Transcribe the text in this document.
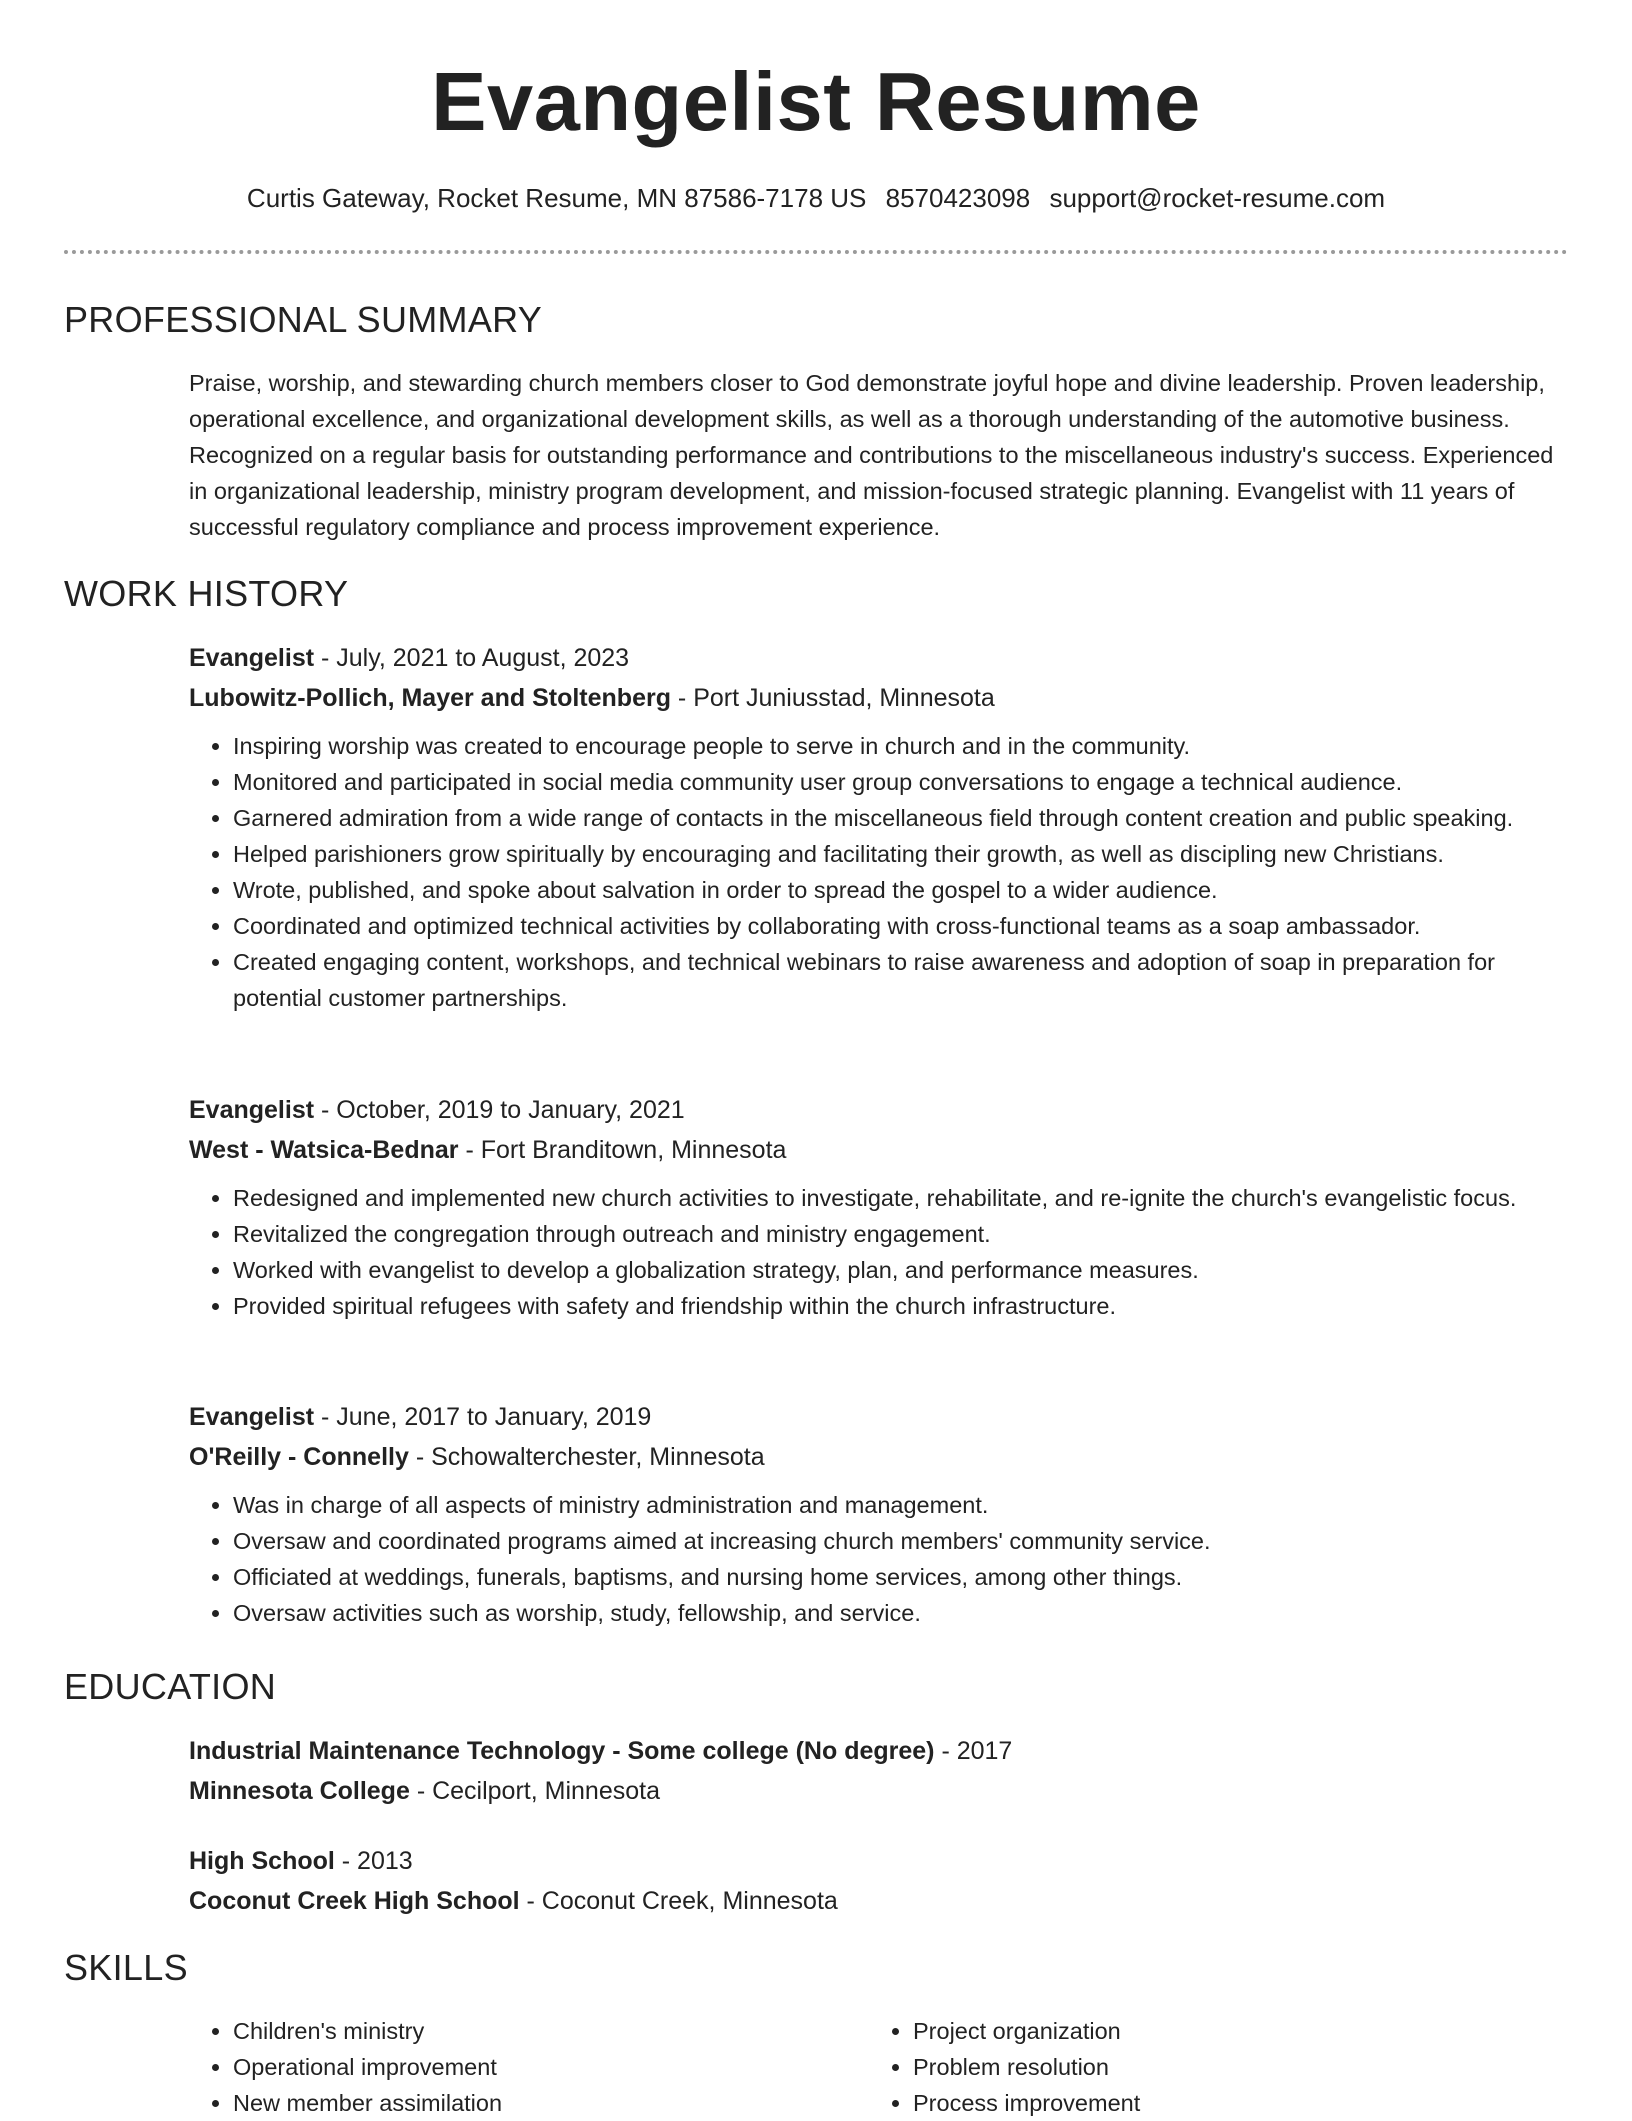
Evangelist Resume
Curtis Gateway, Rocket Resume, MN 87586-7178 US 8570423098 support@rocket-resume.com
PROFESSIONAL SUMMARY
Praise, worship, and stewarding church members closer to God demonstrate joyful hope and divine leadership. Proven leadership, operational excellence, and organizational development skills, as well as a thorough understanding of the automotive business. Recognized on a regular basis for outstanding performance and contributions to the miscellaneous industry's success. Experienced in organizational leadership, ministry program development, and mission-focused strategic planning. Evangelist with 11 years of successful regulatory compliance and process improvement experience.
WORK HISTORY
Evangelist - July, 2021 to August, 2023
Lubowitz-Pollich, Mayer and Stoltenberg - Port Juniusstad, Minnesota
• Inspiring worship was created to encourage people to serve in church and in the community.
• Monitored and participated in social media community user group conversations to engage a technical audience.
• Garnered admiration from a wide range of contacts in the miscellaneous field through content creation and public speaking.
• Helped parishioners grow spiritually by encouraging and facilitating their growth, as well as discipling new Christians.
• Wrote, published, and spoke about salvation in order to spread the gospel to a wider audience.
• Coordinated and optimized technical activities by collaborating with cross-functional teams as a soap ambassador.
• Created engaging content, workshops, and technical webinars to raise awareness and adoption of soap in preparation for potential customer partnerships.
Evangelist - October, 2019 to January, 2021
West - Watsica-Bednar - Fort Branditown, Minnesota
• Redesigned and implemented new church activities to investigate, rehabilitate, and re-ignite the church's evangelistic focus.
• Revitalized the congregation through outreach and ministry engagement.
• Worked with evangelist to develop a globalization strategy, plan, and performance measures.
• Provided spiritual refugees with safety and friendship within the church infrastructure.
Evangelist - June, 2017 to January, 2019
O'Reilly - Connelly - Schowalterchester, Minnesota
• Was in charge of all aspects of ministry administration and management.
• Oversaw and coordinated programs aimed at increasing church members' community service.
• Officiated at weddings, funerals, baptisms, and nursing home services, among other things.
• Oversaw activities such as worship, study, fellowship, and service.
EDUCATION
Industrial Maintenance Technology - Some college (No degree) - 2017
Minnesota College - Cecilport, Minnesota
High School - 2013
Coconut Creek High School - Coconut Creek, Minnesota
SKILLS
• Children's ministry
• Operational improvement
• New member assimilation
• Project organization
• Problem resolution
• Process improvement
